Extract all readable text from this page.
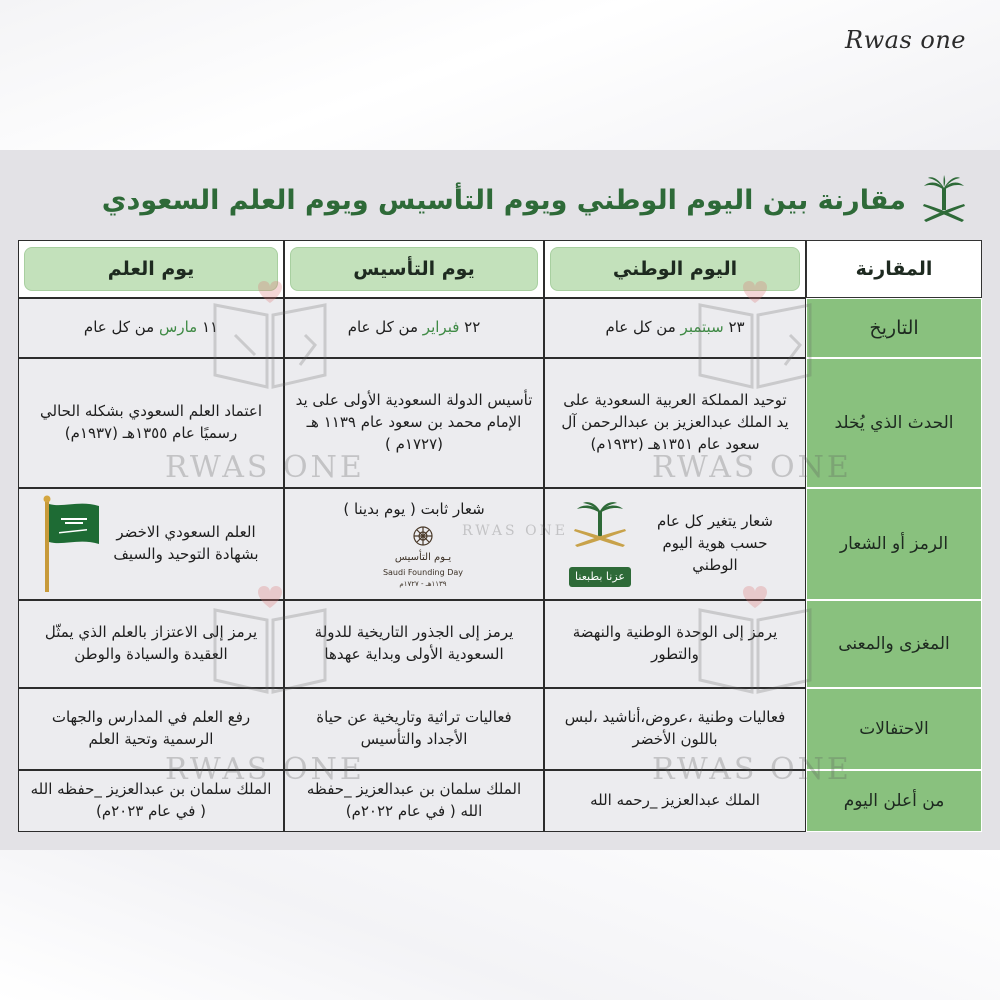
Rwas one
مقارنة بين اليوم الوطني ويوم التأسيس ويوم العلم السعودي
المقارنة
اليوم الوطني
يوم التأسيس
يوم العلم
التاريخ
٢٣ سبتمبر من كل عام
٢٢ فبراير من كل عام
١١ مارس من كل عام
الحدث الذي يُخلد
توحيد المملكة العربية السعودية على يد الملك عبدالعزيز بن عبدالرحمن آل سعود عام ١٣٥١هـ (١٩٣٢م)
تأسيس الدولة السعودية الأولى على يد الإمام محمد بن سعود عام ١١٣٩ هـ (١٧٢٧م )
اعتماد العلم السعودي بشكله الحالي رسميًا عام ١٣٥٥هـ (١٩٣٧م)
الرمز أو الشعار
شعار يتغير كل عام حسب هوية اليوم الوطني
عزنا بطبعنا
شعار ثابت ( يوم بدينا )
يـوم التأسيس
Saudi Founding Day
١١٣٩هـ - ١٧٢٧م
العلم السعودي الاخضر بشهادة التوحيد والسيف
المغزى والمعنى
يرمز إلى الوحدة الوطنية والنهضة والتطور
يرمز إلى الجذور التاريخية للدولة السعودية الأولى وبداية عهدها
يرمز إلى الاعتزاز بالعلم الذي يمثّل العقيدة والسيادة والوطن
الاحتفالات
فعاليات وطنية ،عروض،أناشيد ،لبس باللون الأخضر
فعاليات تراثية وتاريخية عن حياة الأجداد والتأسيس
رفع العلم في المدارس والجهات الرسمية وتحية العلم
من أعلن اليوم
الملك عبدالعزيز _رحمه الله
الملك سلمان بن عبدالعزيز _حفظه الله ( في عام ٢٠٢٢م)
الملك سلمان بن عبدالعزيز _حفظه الله ( في عام ٢٠٢٣م)
RWAS ONE	RWAS ONE
RWAS ONE
RWAS ONE	RWAS ONE
